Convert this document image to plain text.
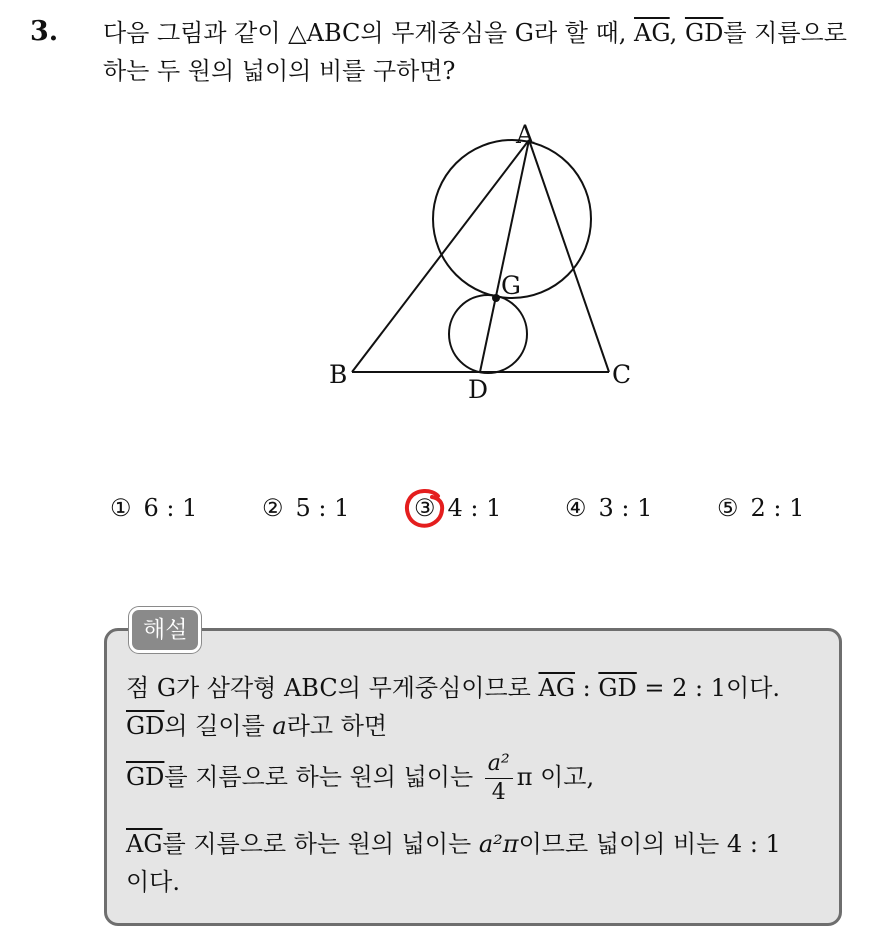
3. 다음 그림과 같이 △ABC의 무게중심을 G라 할 때, $\overline{AG}$, $\overline{GD}$를 지름으로 하는 두 원의 넓이의 비를 구하면?
A
B	C
G
D
① 6 : 1	② 5 : 1	③ 4 : 1	④ 3 : 1	⑤ 2 : 1
해설
점 G가 삼각형 ABC의 무게중심이므로 $\overline{AG}$ : $\overline{GD} = 2$ : 1이다.
$\overline{GD}$의 길이를 a라고 하면
$\overline{GD}$를 지름으로 하는 원의 넓이는 $\frac{\text{a²}}{4}$ π 이고,
$\overline{AG}$를 지름으로 하는 원의 넓이는 a²π이므로 넓이의 비는 4 : 1
이다.
